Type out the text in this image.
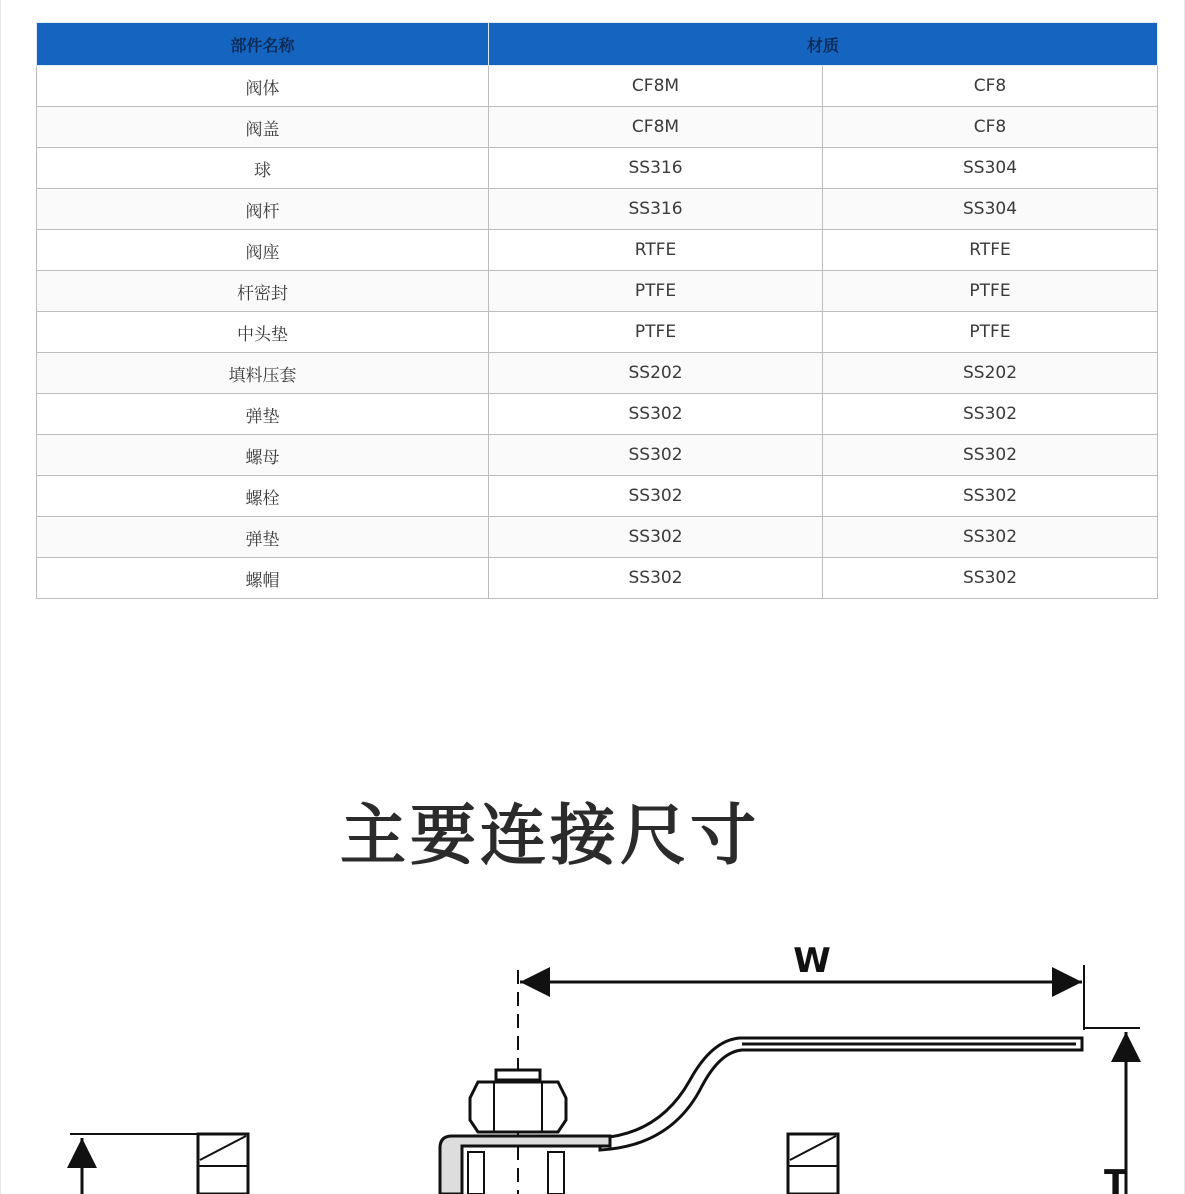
部件名称	材质	
阀体	CF8M	CF8
阀盖	CF8M	CF8
球	SS316	SS304
阀杆	SS316	SS304
阀座	RTFE	RTFE
杆密封	PTFE	PTFE
中头垫	PTFE	PTFE
填料压套	SS202	SS202
弹垫	SS302	SS302
螺母	SS302	SS302
螺栓	SS302	SS302
弹垫	SS302	SS302
螺帽	SS302	SS302
主要连接尺寸
W
T
